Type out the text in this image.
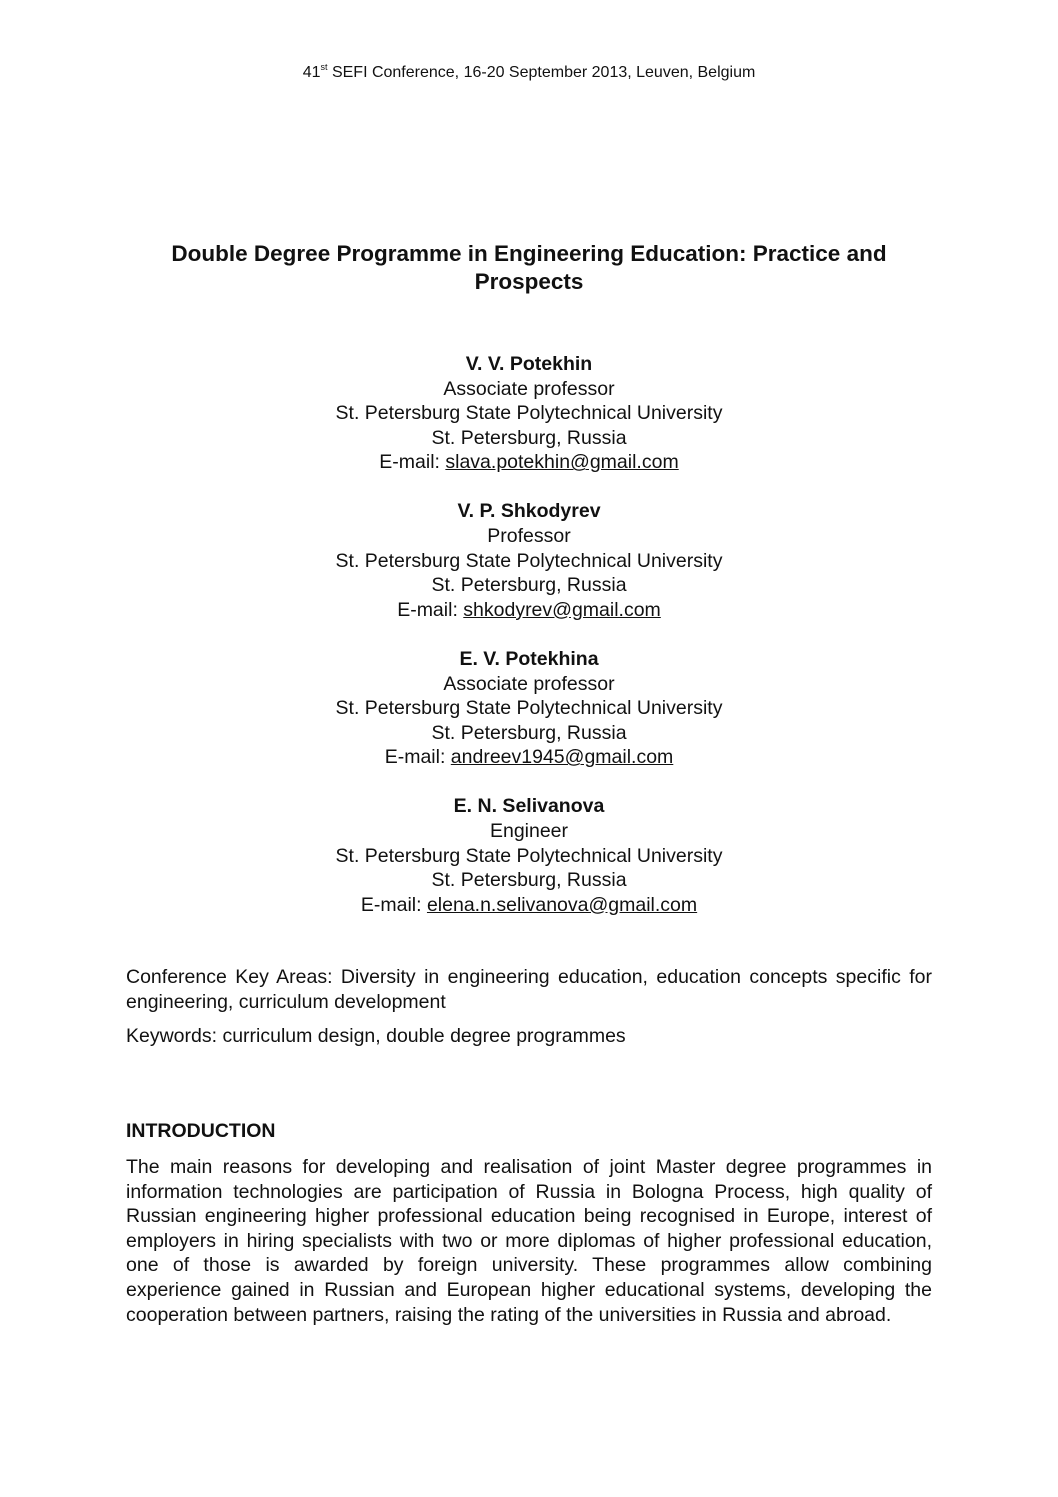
41st SEFI Conference, 16-20 September 2013, Leuven, Belgium
Double Degree Programme in Engineering Education: Practice and Prospects
V. V. Potekhin
Associate professor
St. Petersburg State Polytechnical University
St. Petersburg, Russia
E-mail: slava.potekhin@gmail.com
V. P. Shkodyrev
Professor
St. Petersburg State Polytechnical University
St. Petersburg, Russia
E-mail: shkodyrev@gmail.com
E. V. Potekhina
Associate professor
St. Petersburg State Polytechnical University
St. Petersburg, Russia
E-mail: andreev1945@gmail.com
E. N. Selivanova
Engineer
St. Petersburg State Polytechnical University
St. Petersburg, Russia
E-mail: elena.n.selivanova@gmail.com
Conference Key Areas: Diversity in engineering education, education concepts specific for engineering, curriculum development
Keywords: curriculum design, double degree programmes
INTRODUCTION

The main reasons for developing and realisation of joint Master degree programmes in information technologies are participation of Russia in Bologna Process, high quality of Russian engineering higher professional education being recognised in Europe, interest of employers in hiring specialists with two or more diplomas of higher professional education, one of those is awarded by foreign university. These programmes allow combining experience gained in Russian and European higher educational systems, developing the cooperation between partners, raising the rating of the universities in Russia and abroad.
